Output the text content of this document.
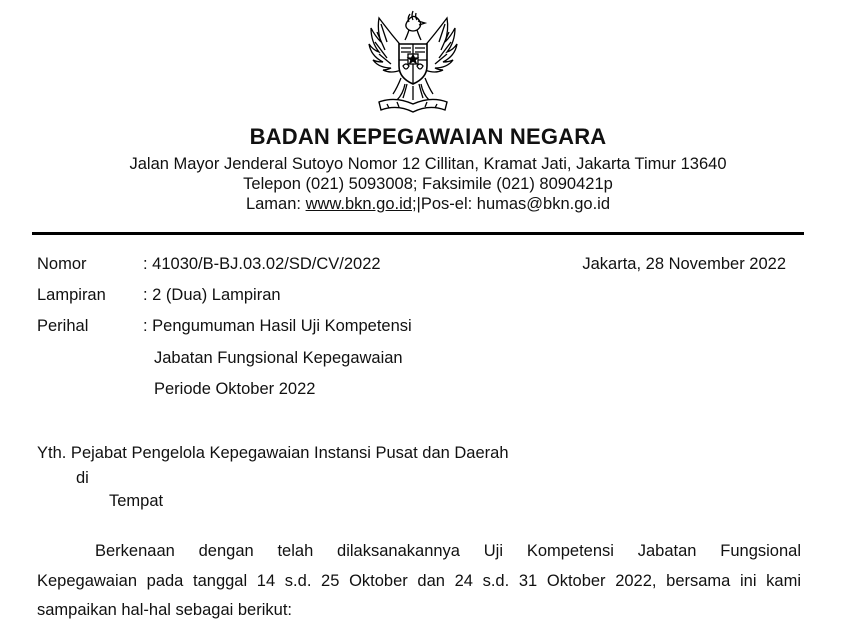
BADAN KEPEGAWAIAN NEGARA
Jalan Mayor Jenderal Sutoyo Nomor 12 Cillitan, Kramat Jati, Jakarta Timur 13640
Telepon (021) 5093008; Faksimile (021) 8090421p
Laman: www.bkn.go.id;|Pos-el: humas@bkn.go.id
Nomor	: 41030/B-BJ.03.02/SD/CV/2022	Jakarta, 28 November 2022
Lampiran	: 2 (Dua) Lampiran
Perihal	: Pengumuman Hasil Uji Kompetensi
Jabatan Fungsional Kepegawaian
Periode Oktober 2022
Yth. Pejabat Pengelola Kepegawaian Instansi Pusat dan Daerah
di
Tempat
Berkenaan dengan telah dilaksanakannya Uji Kompetensi Jabatan Fungsional
Kepegawaian pada tanggal 14 s.d. 25 Oktober dan 24 s.d. 31 Oktober 2022, bersama ini kami
sampaikan hal-hal sebagai berikut:
